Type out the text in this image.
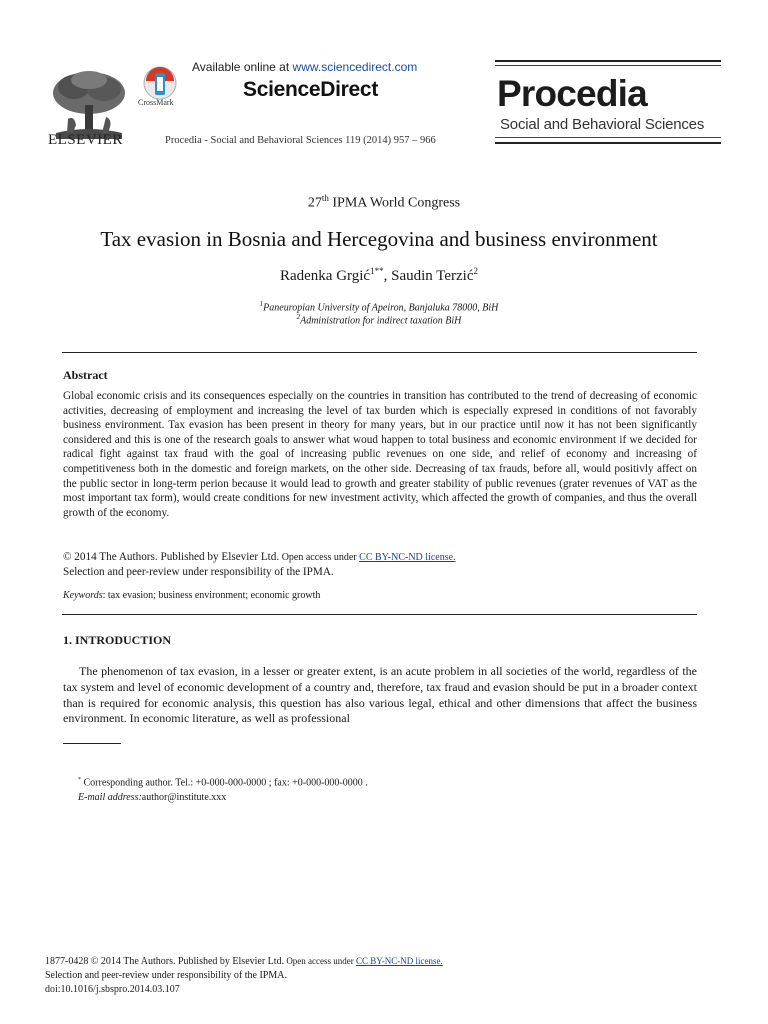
ELSEVIER
CrossMark
Available online at www.sciencedirect.com
ScienceDirect
Procedia - Social and Behavioral Sciences 119 (2014) 957 – 966
Procedia
Social and Behavioral Sciences
27th IPMA World Congress
Tax evasion in Bosnia and Hercegovina and business environment
Radenka Grgić$^{1**}$, Saudin Terzić$^2$
$^1$Paneuropian University of Apeiron, Banjaluka 78000, BiH
$^2$Administration for indirect taxation BiH
Abstract
Global economic crisis and its consequences especially on the countries in transition has contributed to the trend of decreasing of economic activities, decreasing of employment and increasing the level of tax burden which is especially expresed in conditions of not favorably business environment. Tax evasion has been present in theory for many years, but in our practice until now it has not been significantly considered and this is one of the research goals to answer what woud happen to total business and economic environment if we decided for radical fight against tax fraud with the goal of increasing public revenues on one side, and relief of economy and increasing of competitiveness both in the domestic and foreign markets, on the other side. Decreasing of tax frauds, before all, would positivly affect on the public sector in long-term perion because it would lead to growth and greater stability of public revenues (grater revenues of VAT as the most important tax form), would create conditions for new investment activity, which affected the growth of companies, and thus the overall growth of the economy.
© 2014 The Authors. Published by Elsevier Ltd. Open access under CC BY-NC-ND license.
Selection and peer-review under responsibility of the IPMA.
Keywords: tax evasion; business environment; economic growth
1. INTRODUCTION
The phenomenon of tax evasion, in a lesser or greater extent, is an acute problem in all societies of the world, regardless of the tax system and level of economic development of a country and, therefore, tax fraud and evasion should be put in a broader context than is required for economic analysis, this question has also various legal, ethical and other dimensions that affect the business environment. In economic literature, as well as professional
* Corresponding author. Tel.: +0-000-000-0000 ; fax: +0-000-000-0000 .
E-mail address:author@institute.xxx
1877-0428 © 2014 The Authors. Published by Elsevier Ltd. Open access under CC BY-NC-ND license.
Selection and peer-review under responsibility of the IPMA.
doi:10.1016/j.sbspro.2014.03.107
